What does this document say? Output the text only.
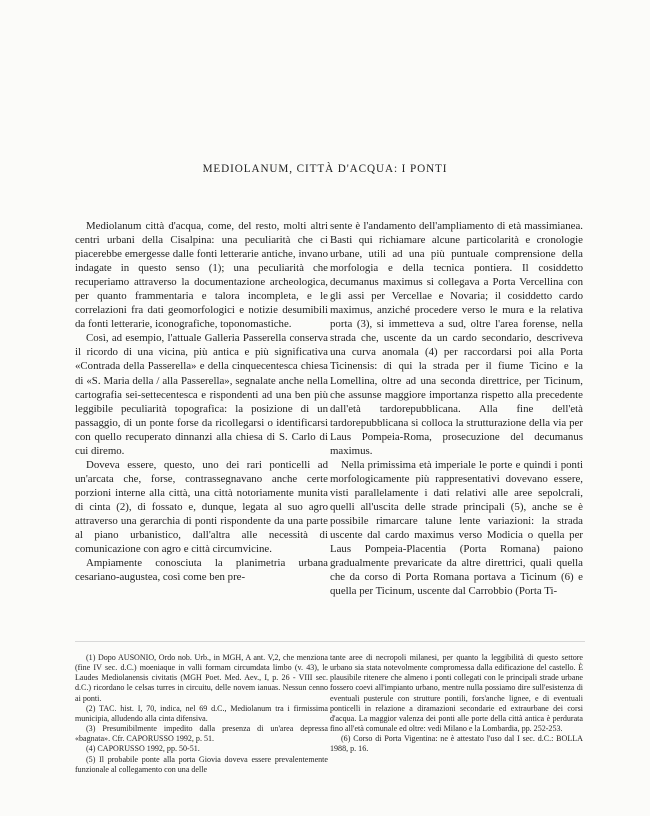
MEDIOLANUM, CITTÀ D'ACQUA: I PONTI

Mediolanum città d'acqua, come, del resto, molti altri centri urbani della Cisalpina: una peculiarità che ci piacerebbe emergesse dalle fonti letterarie antiche, invano indagate in questo senso (1); una peculiarità che recuperiamo attraverso la documentazione archeologica, per quanto frammentaria e talora incompleta, e le correlazioni fra dati geomorfologici e notizie desumibili da fonti letterarie, iconografiche, toponomastiche.

Così, ad esempio, l'attuale Galleria Passerella conserva il ricordo di una vicina, più antica e più significativa «Contrada della Passerella» e della cinquecentesca chiesa di «S. Maria della / alla Passerella», segnalate anche nella cartografia sei-settecentesca e rispondenti ad una ben più leggibile peculiarità topografica: la posizione di un passaggio, di un ponte forse da ricollegarsi o identificarsi con quello recuperato dinnanzi alla chiesa di S. Carlo di cui diremo.

Doveva essere, questo, uno dei rari ponticelli ad un'arcata che, forse, contrassegnavano anche certe porzioni interne alla città, una città notoriamente munita di cinta (2), di fossato e, dunque, legata al suo agro attraverso una gerarchia di ponti rispondente da una parte al piano urbanistico, dall'altra alle necessità di comunicazione con agro e città circumvicine.

Ampiamente conosciuta la planimetria urbana cesariano-augustea, così come ben pre-

sente è l'andamento dell'ampliamento di età massimianea. Basti qui richiamare alcune particolarità e cronologie urbane, utili ad una più puntuale comprensione della morfologia e della tecnica pontiera. Il cosiddetto decumanus maximus si collegava a Porta Vercellina con gli assi per Vercellae e Novaria; il cosiddetto cardo maximus, anziché procedere verso le mura e la relativa porta (3), si immetteva a sud, oltre l'area forense, nella strada che, uscente da un cardo secondario, descriveva una curva anomala (4) per raccordarsi poi alla Porta Ticinensis: di qui la strada per il fiume Ticino e la Lomellina, oltre ad una seconda direttrice, per Ticinum, che assunse maggiore importanza rispetto alla precedente dall'età tardorepubblicana. Alla fine dell'età tardorepubblicana si colloca la strutturazione della via per Laus Pompeia-Roma, prosecuzione del decumanus maximus.

Nella primissima età imperiale le porte e quindi i ponti morfologicamente più rappresentativi dovevano essere, visti parallelamente i dati relativi alle aree sepolcrali, quelli all'uscita delle strade principali (5), anche se è possibile rimarcare talune lente variazioni: la strada uscente dal cardo maximus verso Modicia o quella per Laus Pompeia-Placentia (Porta Romana) paiono gradualmente prevaricate da altre direttrici, quali quella che da corso di Porta Romana portava a Ticinum (6) e quella per Ticinum, uscente dal Carrobbio (Porta Ti-

(1) Dopo AUSONIO, Ordo nob. Urb., in MGH, A ant. V,2, che menziona (fine IV sec. d.C.) moeniaque in valli formam circumdata limbo (v. 43), le Laudes Mediolanensis civitatis (MGH Poet. Med. Aev., I, p. 26 - VIII sec. d.C.) ricordano le celsas turres in circuitu, delle novem ianuas. Nessun cenno ai ponti.

(2) TAC. hist. I, 70, indica, nel 69 d.C., Mediolanum tra i firmissima municipia, alludendo alla cinta difensiva.

(3) Presumibilmente impedito dalla presenza di un'area depressa «bagnata». Cfr. CAPORUSSO 1992, p. 51.

(4) CAPORUSSO 1992, pp. 50-51.

(5) Il probabile ponte alla porta Giovia doveva essere prevalentemente funzionale al collegamento con una delle

tante aree di necropoli milanesi, per quanto la leggibilità di questo settore urbano sia stata notevolmente compromessa dalla edificazione del castello. È plausibile ritenere che almeno i ponti collegati con le principali strade urbane fossero coevi all'impianto urbano, mentre nulla possiamo dire sull'esistenza di eventuali pusterule con strutture pontili, fors'anche lignee, e di eventuali ponticelli in relazione a diramazioni secondarie ed extraurbane dei corsi d'acqua. La maggior valenza dei ponti alle porte della città antica è perdurata fino all'età comunale ed oltre: vedi Milano e la Lombardia, pp. 252-253.

(6) Corso di Porta Vigentina: ne è attestato l'uso dal I sec. d.C.: BOLLA 1988, p. 16.
